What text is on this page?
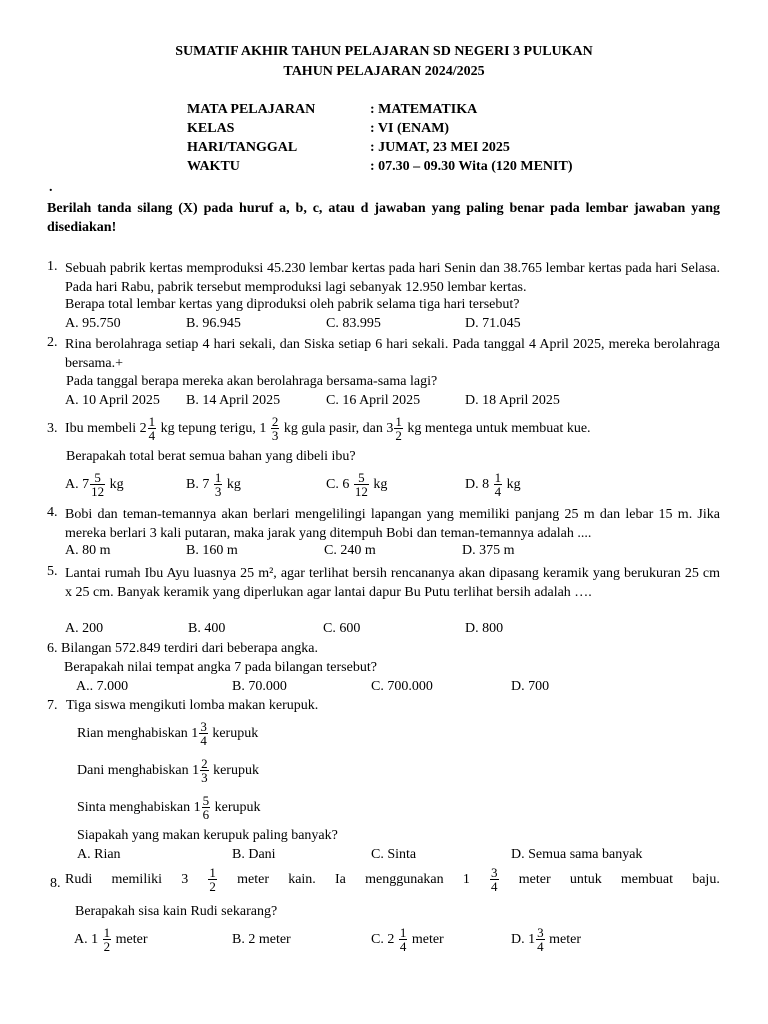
SUMATIF AKHIR TAHUN PELAJARAN SD NEGERI 3 PULUKAN
TAHUN PELAJARAN 2024/2025
MATA PELAJARAN	: MATEMATIKA
KELAS	: VI (ENAM)
HARI/TANGGAL	: JUMAT, 23 MEI 2025
WAKTU	: 07.30 – 09.30 Wita (120 MENIT)
.
Berilah tanda silang (X) pada huruf a, b, c, atau d jawaban yang paling benar pada lembar jawaban yang disediakan!
1. Sebuah pabrik kertas memproduksi 45.230 lembar kertas pada hari Senin dan 38.765 lembar kertas pada hari Selasa. Pada hari Rabu, pabrik tersebut memproduksi lagi sebanyak 12.950 lembar kertas.
Berapa total lembar kertas yang diproduksi oleh pabrik selama tiga hari tersebut?
A. 95.750	B. 96.945	C. 83.995	D. 71.045
2. Rina berolahraga setiap 4 hari sekali, dan Siska setiap 6 hari sekali. Pada tanggal 4 April 2025, mereka berolahraga bersama.+
Pada tanggal berapa mereka akan berolahraga bersama-sama lagi?
A. 10 April 2025 B. 14 April 2025	C. 16 April 2025	D. 18 April 2025
3. Ibu membeli $2 \frac{1}{4}$ kg tepung terigu, $1 \frac{2}{3}$ kg gula pasir, dan $3 \frac{1}{2}$ kg mentega untuk membuat kue.
Berapakah total berat semua bahan yang dibeli ibu?
A. $7 \frac{5}{12}$ kg	B. $7 \frac{1}{3}$ kg	C. $6 \frac{5}{12}$ kg	D. $8 \frac{1}{4}$ kg
4. Bobi dan teman-temannya akan berlari mengelilingi lapangan yang memiliki panjang 25 m dan lebar 15 m. Jika mereka berlari 3 kali putaran, maka jarak yang ditempuh Bobi dan teman-temannya adalah ....
A. 80 m	B. 160 m	C. 240 m	D. 375 m
5. Lantai rumah Ibu Ayu luasnya 25 m², agar terlihat bersih rencananya akan dipasang keramik yang berukuran 25 cm x 25 cm. Banyak keramik yang diperlukan agar lantai dapur Bu Putu terlihat bersih adalah ….
A. 200	B. 400	C. 600	D. 800
6. Bilangan 572.849 terdiri dari beberapa angka.
Berapakah nilai tempat angka 7 pada bilangan tersebut?
A.. 7.000	B. 70.000	C. 700.000	D. 700
7. Tiga siswa mengikuti lomba makan kerupuk.
Rian menghabiskan $1 \frac{3}{4}$ kerupuk
Dani menghabiskan $1 \frac{2}{3}$ kerupuk
Sinta menghabiskan $1 \frac{5}{6}$ kerupuk
Siapakah yang makan kerupuk paling banyak?
A. Rian	B. Dani	C. Sinta	D. Semua sama banyak
8. Rudi memiliki 3 1
2 meter kain. Ia menggunakan 1 3
4 meter untuk membuat baju.
Berapakah sisa kain Rudi sekarang?
A. $1 \frac{1}{2}$ meter	B. 2 meter	C. $2 \frac{1}{4}$ meter	D. $1 \frac{3}{4}$ meter
